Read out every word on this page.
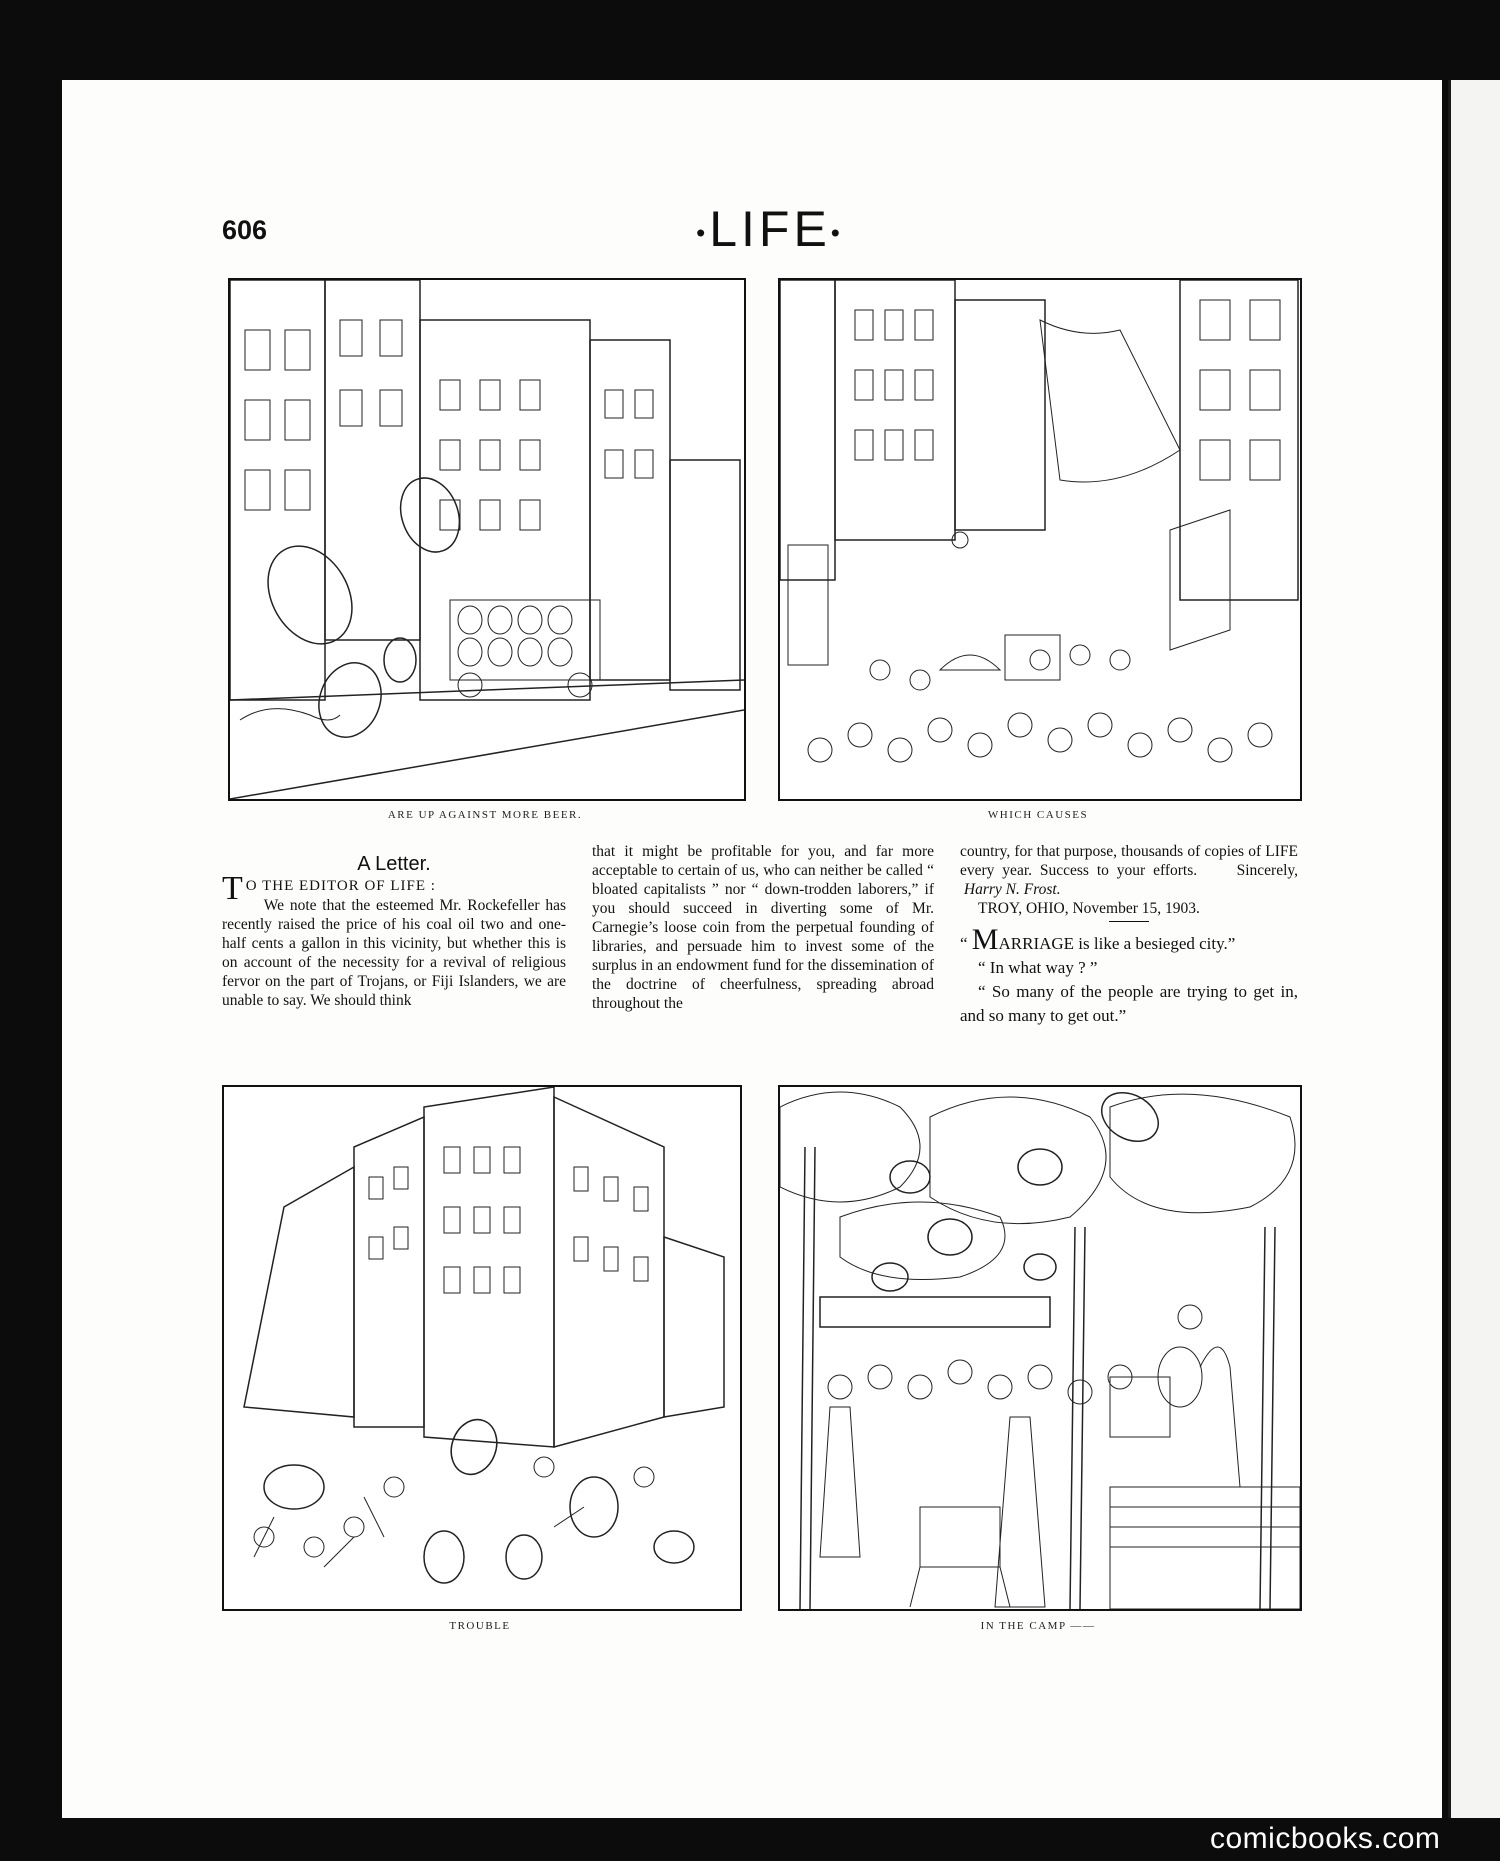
606	•LIFE•
ARE UP AGAINST MORE BEER.	WHICH CAUSES
A Letter.

T O THE EDITOR OF LIFE :

We note that the esteemed Mr. Rockefeller has recently raised the price of his coal oil two and one-half cents a gallon in this vicinity, but whether this is on account of the necessity for a revival of religious fervor on the part of Trojans, or Fiji Islanders, we are unable to say. We should think

that it might be profitable for you, and far more acceptable to certain of us, who can neither be called “ bloated capitalists ” nor “ down-trodden laborers,” if you should succeed in diverting some of Mr. Carnegie’s loose coin from the perpetual founding of libraries, and persuade him to invest some of the surplus in an endowment fund for the dissemination of the doctrine of cheerfulness, spreading abroad throughout the

country, for that purpose, thousands of copies of LIFE every year. Success to your efforts.	Sincerely,  Harry N. Frost.

TROY, OHIO, November 15, 1903.

“ MARRIAGE is like a besieged city.”

“ In what way ? ”

“ So many of the people are trying to get in, and so many to get out.”

TROUBLE	IN THE CAMP ——
comicbooks.com
